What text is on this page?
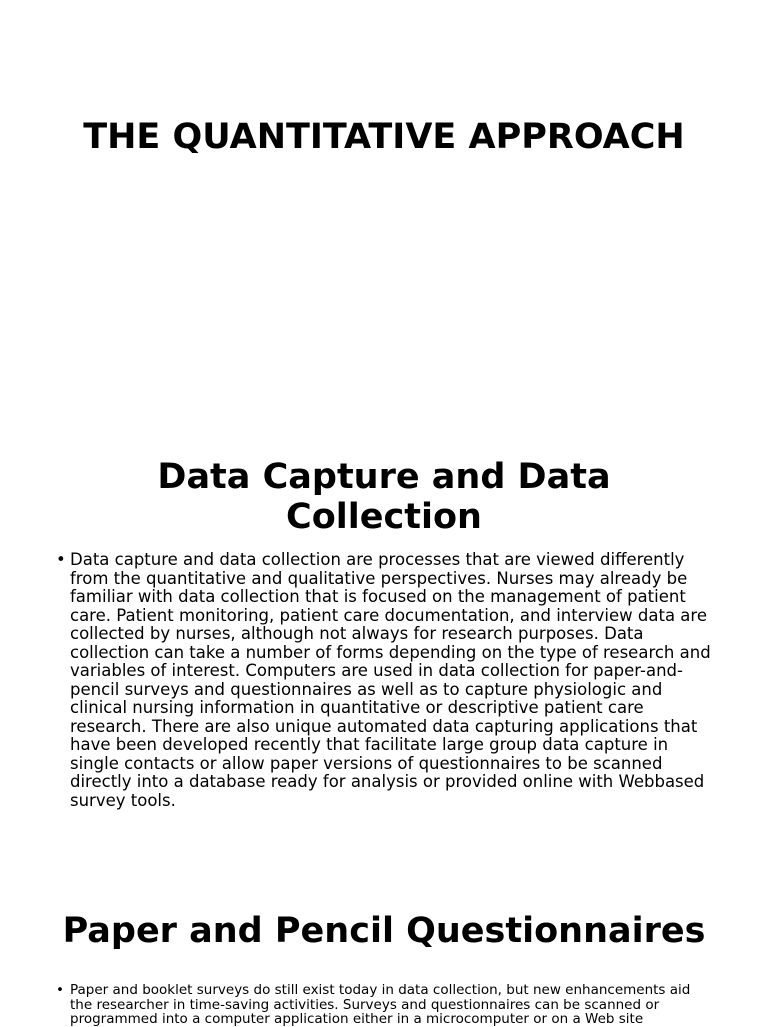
THE QUANTITATIVE APPROACH
Data Capture and Data Collection
• Data capture and data collection are processes that are viewed differently from the quantitative and qualitative perspectives. Nurses may already be familiar with data collection that is focused on the management of patient care. Patient monitoring, patient care documentation, and interview data are collected by nurses, although not always for research purposes. Data collection can take a number of forms depending on the type of research and variables of interest. Computers are used in data collection for paper-and-pencil surveys and questionnaires as well as to capture physiologic and clinical nursing information in quantitative or descriptive patient care research. There are also unique automated data capturing applications that have been developed recently that facilitate large group data capture in single contacts or allow paper versions of questionnaires to be scanned directly into a database ready for analysis or provided online with Webbased survey tools.
Paper and Pencil Questionnaires
• Paper and booklet surveys do still exist today in data collection, but new enhancements aid the researcher in time-saving activities. Surveys and questionnaires can be scanned or programmed into a computer application either in a microcomputer or on a Web site
